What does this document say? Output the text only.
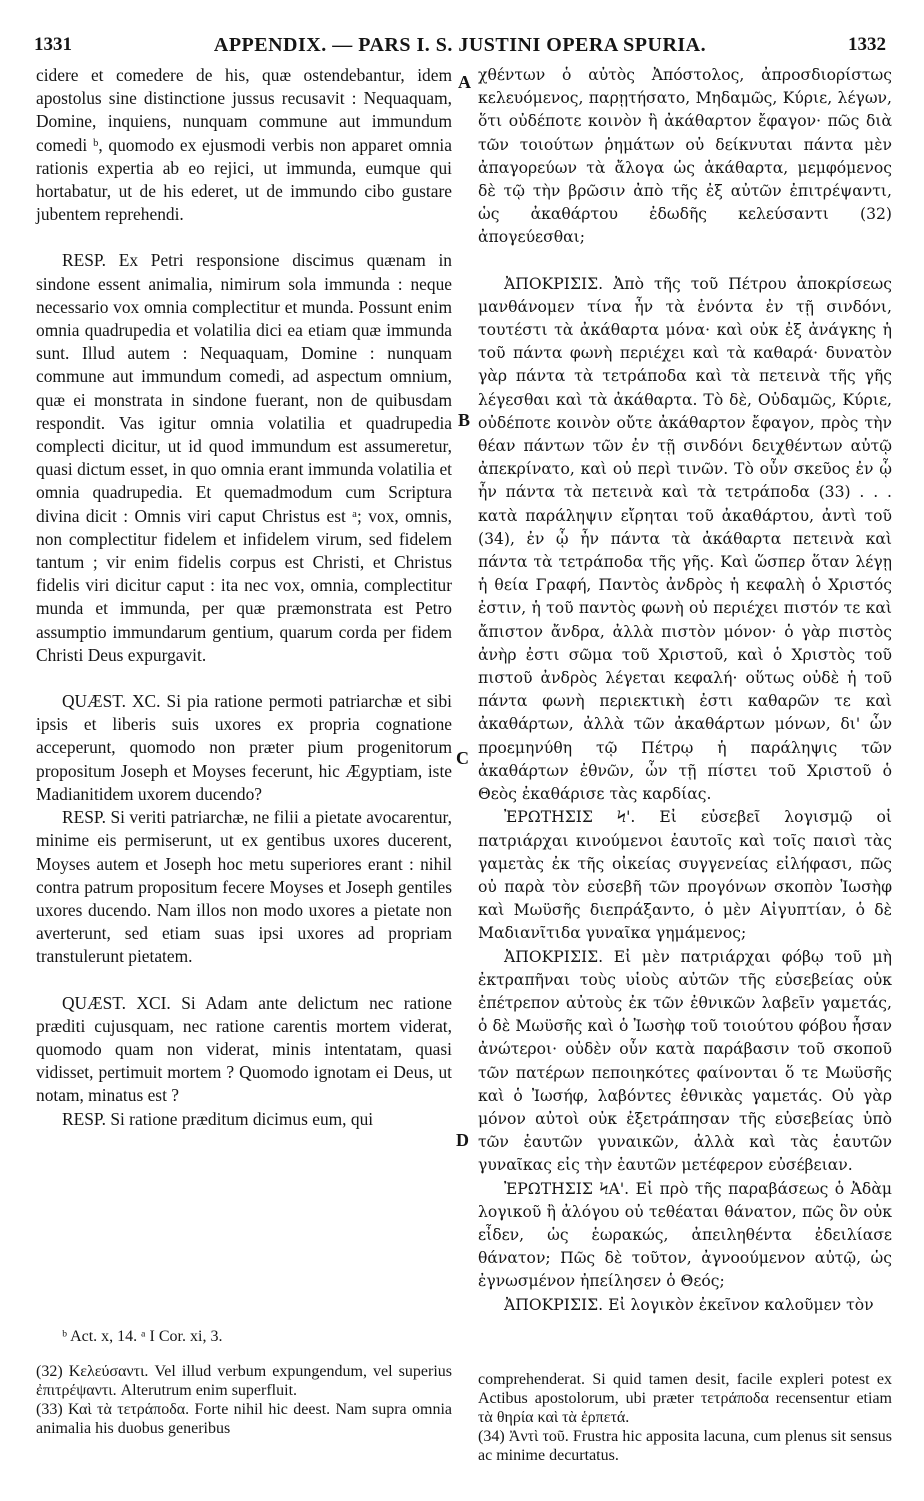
1331	APPENDIX. — PARS I. S. JUSTINI OPERA SPURIA.	1332

cidere et comedere de his, quæ ostendebantur, idem apostolus sine distinctione jussus recusavit : Nequaquam, Domine, inquiens, nunquam commune aut immundum comedi ᵇ, quomodo ex ejusmodi verbis non apparet omnia rationis expertia ab eo rejici, ut immunda, eumque qui hortabatur, ut de his ederet, ut de immundo cibo gustare jubentem reprehendi.

RESP. Ex Petri responsione discimus quænam in sindone essent animalia, nimirum sola immunda : neque necessario vox omnia complectitur et munda. Possunt enim omnia quadrupedia et volatilia dici ea etiam quæ immunda sunt. Illud autem : Nequaquam, Domine : nunquam commune aut immundum comedi, ad aspectum omnium, quæ ei monstrata in sindone fuerant, non de quibusdam respondit. Vas igitur omnia volatilia et quadrupedia complecti dicitur, ut id quod immundum est assumeretur, quasi dictum esset, in quo omnia erant immunda volatilia et omnia quadrupedia. Et quemadmodum cum Scriptura divina dicit : Omnis viri caput Christus est ᵃ; vox, omnis, non complectitur fidelem et infidelem virum, sed fidelem tantum ; vir enim fidelis corpus est Christi, et Christus fidelis viri dicitur caput : ita nec vox, omnia, complectitur munda et immunda, per quæ præmonstrata est Petro assumptio immundarum gentium, quarum corda per fidem Christi Deus expurgavit.

QUÆST. XC. Si pia ratione permoti patriarchæ et sibi ipsis et liberis suis uxores ex propria cognatione acceperunt, quomodo non præter pium progenitorum propositum Joseph et Moyses fecerunt, hic Ægyptiam, iste Madianitidem uxorem ducendo?

RESP. Si veriti patriarchæ, ne filii a pietate avocarentur, minime eis permiserunt, ut ex gentibus uxores ducerent, Moyses autem et Joseph hoc metu superiores erant : nihil contra patrum propositum fecere Moyses et Joseph gentiles uxores ducendo. Nam illos non modo uxores a pietate non averterunt, sed etiam suas ipsi uxores ad propriam transtulerunt pietatem.

QUÆST. XCI. Si Adam ante delictum nec ratione præditi cujusquam, nec ratione carentis mortem viderat, quomodo quam non viderat, minis intentatam, quasi vidisset, pertimuit mortem ? Quomodo ignotam ei Deus, ut notam, minatus est ?

RESP. Si ratione præditum dicimus eum, qui

A
B
C
D

χθέντων ὁ αὐτὸς Ἀπόστολος, ἀπροσδιορίστως κελευόμενος, παρῃτήσατο, Μηδαμῶς, Κύριε, λέγων, ὅτι οὐδέποτε κοινὸν ἢ ἀκάθαρτον ἔφαγον· πῶς διὰ τῶν τοιούτων ῥημάτων οὐ δείκνυται πάντα μὲν ἀπαγορεύων τὰ ἄλογα ὡς ἀκάθαρτα, μεμφόμενος δὲ τῷ τὴν βρῶσιν ἀπὸ τῆς ἐξ αὐτῶν ἐπιτρέψαντι, ὡς ἀκαθάρτου ἐδωδῆς κελεύσαντι (32) ἀπογεύεσθαι;

ἈΠΟΚΡΙΣΙΣ. Ἀπὸ τῆς τοῦ Πέτρου ἀποκρίσεως μανθάνομεν τίνα ἦν τὰ ἐνόντα ἐν τῇ σινδόνι, τουτέστι τὰ ἀκάθαρτα μόνα· καὶ οὐκ ἐξ ἀνάγκης ἡ τοῦ πάντα φωνὴ περιέχει καὶ τὰ καθαρά· δυνατὸν γὰρ πάντα τὰ τετράποδα καὶ τὰ πετεινὰ τῆς γῆς λέγεσθαι καὶ τὰ ἀκάθαρτα. Τὸ δὲ, Οὐδαμῶς, Κύριε, οὐδέποτε κοινὸν οὔτε ἀκάθαρτον ἔφαγον, πρὸς τὴν θέαν πάντων τῶν ἐν τῇ σινδόνι δειχθέντων αὐτῷ ἀπεκρίνατο, καὶ οὐ περὶ τινῶν. Τὸ οὖν σκεῦος ἐν ᾧ ἦν πάντα τὰ πετεινὰ καὶ τὰ τετράποδα (33) . . . κατὰ παράληψιν εἴρηται τοῦ ἀκαθάρτου, ἀντὶ τοῦ (34), ἐν ᾧ ἦν πάντα τὰ ἀκάθαρτα πετεινὰ καὶ πάντα τὰ τετράποδα τῆς γῆς. Καὶ ὥσπερ ὅταν λέγῃ ἡ θεία Γραφή, Παντὸς ἀνδρὸς ἡ κεφαλὴ ὁ Χριστός ἐστιν, ἡ τοῦ παντὸς φωνὴ οὐ περιέχει πιστόν τε καὶ ἄπιστον ἄνδρα, ἀλλὰ πιστὸν μόνον· ὁ γὰρ πιστὸς ἀνὴρ ἐστι σῶμα τοῦ Χριστοῦ, καὶ ὁ Χριστὸς τοῦ πιστοῦ ἀνδρὸς λέγεται κεφαλή· οὕτως οὐδὲ ἡ τοῦ πάντα φωνὴ περιεκτικὴ ἐστι καθαρῶν τε καὶ ἀκαθάρτων, ἀλλὰ τῶν ἀκαθάρτων μόνων, δι' ὧν προεμηνύθη τῷ Πέτρῳ ἡ παράληψις τῶν ἀκαθάρτων ἐθνῶν, ὧν τῇ πίστει τοῦ Χριστοῦ ὁ Θεὸς ἐκαθάρισε τὰς καρδίας.

ἘΡΩΤΗΣΙΣ Ϟ'. Εἰ εὐσεβεῖ λογισμῷ οἱ πατριάρχαι κινούμενοι ἑαυτοῖς καὶ τοῖς παισὶ τὰς γαμετὰς ἐκ τῆς οἰκείας συγγενείας εἰλήφασι, πῶς οὐ παρὰ τὸν εὐσεβῆ τῶν προγόνων σκοπὸν Ἰωσὴφ καὶ Μωϋσῆς διεπράξαντο, ὁ μὲν Αἰγυπτίαν, ὁ δὲ Μαδιανῖτιδα γυναῖκα γημάμενος;

ἈΠΟΚΡΙΣΙΣ. Εἰ μὲν πατριάρχαι φόβῳ τοῦ μὴ ἐκτραπῆναι τοὺς υἱοὺς αὐτῶν τῆς εὐσεβείας οὐκ ἐπέτρεπον αὐτοὺς ἐκ τῶν ἐθνικῶν λαβεῖν γαμετάς, ὁ δὲ Μωϋσῆς καὶ ὁ Ἰωσὴφ τοῦ τοιούτου φόβου ἦσαν ἀνώτεροι· οὐδὲν οὖν κατὰ παράβασιν τοῦ σκοποῦ τῶν πατέρων πεποιηκότες φαίνονται ὅ τε Μωϋσῆς καὶ ὁ Ἰωσήφ, λαβόντες ἐθνικὰς γαμετάς. Οὐ γὰρ μόνον αὐτοὶ οὐκ ἐξετράπησαν τῆς εὐσεβείας ὑπὸ τῶν ἑαυτῶν γυναικῶν, ἀλλὰ καὶ τὰς ἑαυτῶν γυναῖκας εἰς τὴν ἑαυτῶν μετέφερον εὐσέβειαν.

ἘΡΩΤΗΣΙΣ ϞΑ'. Εἰ πρὸ τῆς παραβάσεως ὁ Ἀδὰμ λογικοῦ ἢ ἀλόγου οὐ τεθέαται θάνατον, πῶς ὃν οὐκ εἶδεν, ὡς ἑωρακώς, ἀπειληθέντα ἐδειλίασε θάνατον; Πῶς δὲ τοῦτον, ἀγνοούμενον αὐτῷ, ὡς ἐγνωσμένον ἠπείλησεν ὁ Θεός;

ἈΠΟΚΡΙΣΙΣ. Εἰ λογικὸν ἐκεῖνον καλοῦμεν τὸν

ᵇ Act. x, 14. ᵃ I Cor. xi, 3.

(32) Κελεύσαντι. Vel illud verbum expungendum, vel superius ἐπιτρέψαντι. Alterutrum enim superfluit.

(33) Καὶ τὰ τετράποδα. Forte nihil hic deest. Nam supra omnia animalia his duobus generibus

comprehenderat. Si quid tamen desit, facile expleri potest ex Actibus apostolorum, ubi præter τετράποδα recensentur etiam τὰ θηρία καὶ τὰ ἑρπετά.

(34) Ἀντὶ τοῦ. Frustra hic apposita lacuna, cum plenus sit sensus ac minime decurtatus.
